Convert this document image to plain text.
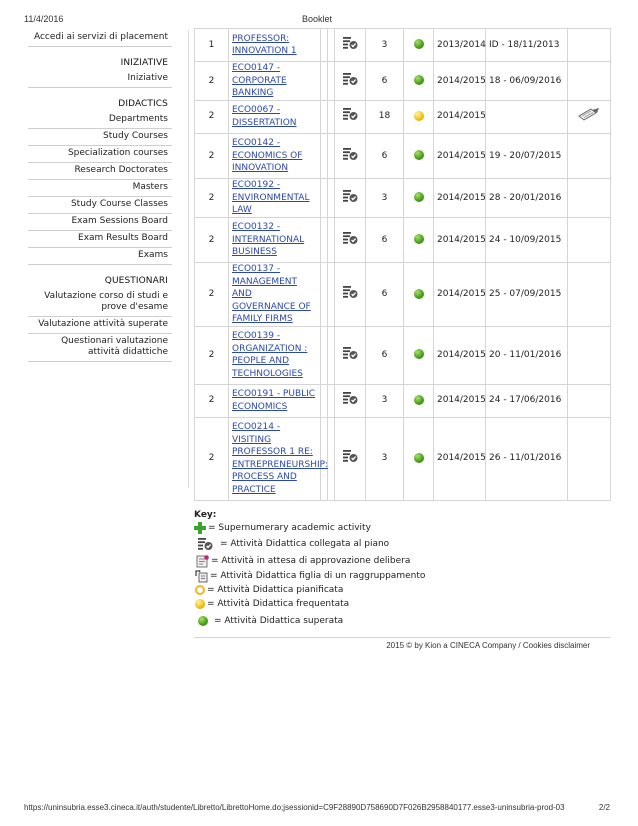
11/4/2016	Booklet
Accedi ai servizi di placement
INIZIATIVE
Iniziative
DIDACTICS
Departments
Study Courses
Specialization courses
Research Doctorates
Masters
Study Course Classes
Exam Sessions Board
Exam Results Board
Exams
QUESTIONARI
Valutazione corso di studi e prove d'esame
Valutazione attività superate
Questionari valutazione attività didattiche
1	PROFESSOR: INNOVATION 1				3		2013/2014	ID - 18/11/2013	
2	ECO0147 - CORPORATE BANKING				6		2014/2015	18 - 06/09/2016	
2	ECO0067 - DISSERTATION				18		2014/2015		
2	ECO0142 - ECONOMICS OF INNOVATION				6		2014/2015	19 - 20/07/2015	
2	ECO0192 - ENVIRONMENTAL LAW				3		2014/2015	28 - 20/01/2016	
2	ECO0132 - INTERNATIONAL BUSINESS				6		2014/2015	24 - 10/09/2015	
2	ECO0137 - MANAGEMENT AND GOVERNANCE OF FAMILY FIRMS				6		2014/2015	25 - 07/09/2015	
2	ECO0139 - ORGANIZATION : PEOPLE AND TECHNOLOGIES				6		2014/2015	20 - 11/01/2016	
2	ECO0191 - PUBLIC ECONOMICS				3		2014/2015	24 - 17/06/2016	
2	ECO0214 - VISITING PROFESSOR 1 RE: ENTREPRENEURSHIP: PROCESS AND PRACTICE				3		2014/2015	26 - 11/01/2016	
Key:
= Supernumerary academic activity
= Attività Didattica collegata al piano
= Attività in attesa di approvazione delibera
= Attività Didattica figlia di un raggruppamento
= Attività Didattica pianificata
= Attività Didattica frequentata
= Attività Didattica superata
2015 © by Kion a CINECA Company / Cookies disclaimer
https://uninsubria.esse3.cineca.it/auth/studente/Libretto/LibrettoHome.do;jsessionid=C9F28890D758690D7F026B2958840177.esse3-uninsubria-prod-03	2/2
